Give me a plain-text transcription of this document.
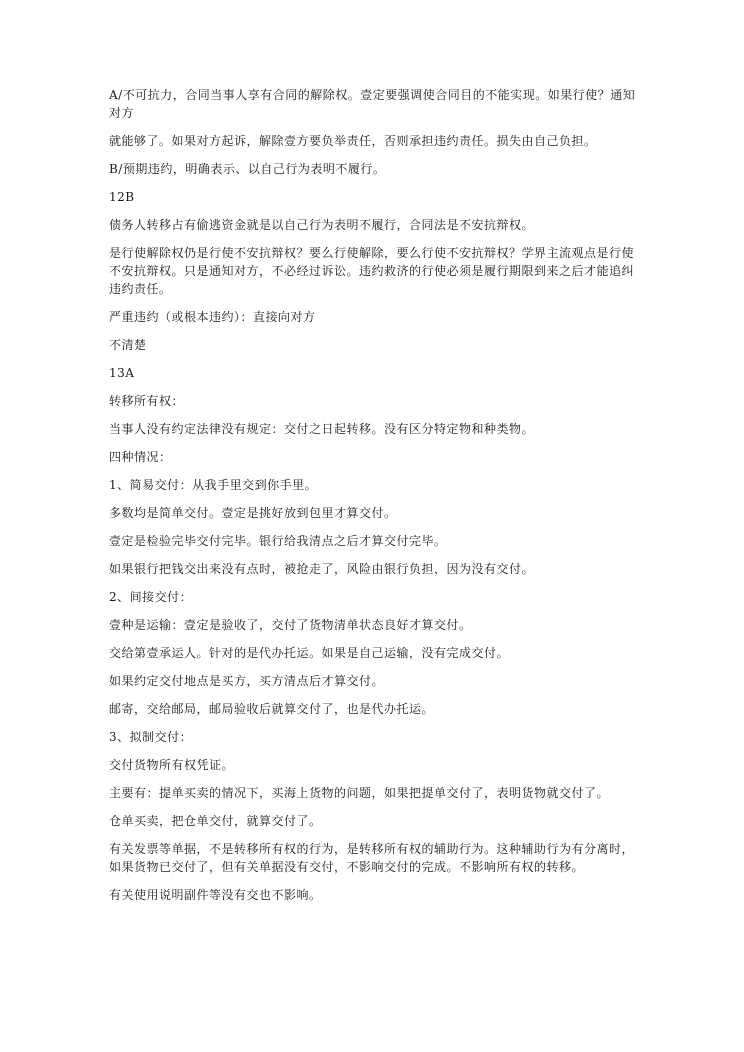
A/不可抗力，合同当事人享有合同的解除权。壹定要强调使合同目的不能实现。如果行使？通知对方

就能够了。如果对方起诉，解除壹方要负举责任，否则承担违约责任。损失由自己负担。

B/预期违约，明确表示、以自己行为表明不履行。

12B

债务人转移占有偷逃资金就是以自己行为表明不履行，合同法是不安抗辩权。

是行使解除权仍是行使不安抗辩权？要么行使解除，要么行使不安抗辩权？学界主流观点是行使不安抗辩权。只是通知对方，不必经过诉讼。违约救济的行使必须是履行期限到来之后才能追纠违约责任。

严重违约（或根本违约）：直接向对方

不清楚

13A

转移所有权：

当事人没有约定法律没有规定：交付之日起转移。没有区分特定物和种类物。

四种情况：

1、简易交付：从我手里交到你手里。

多数均是简单交付。壹定是挑好放到包里才算交付。

壹定是检验完毕交付完毕。银行给我清点之后才算交付完毕。

如果银行把钱交出来没有点时，被抢走了，风险由银行负担，因为没有交付。

2、间接交付：

壹种是运输：壹定是验收了，交付了货物清单状态良好才算交付。

交给第壹承运人。针对的是代办托运。如果是自己运输，没有完成交付。

如果约定交付地点是买方，买方清点后才算交付。

邮寄，交给邮局，邮局验收后就算交付了，也是代办托运。

3、拟制交付：

交付货物所有权凭证。

主要有：提单买卖的情况下，买海上货物的问题，如果把提单交付了，表明货物就交付了。

仓单买卖，把仓单交付，就算交付了。

有关发票等单据，不是转移所有权的行为，是转移所有权的辅助行为。这种辅助行为有分离时，如果货物已交付了，但有关单据没有交付，不影响交付的完成。不影响所有权的转移。

有关使用说明副件等没有交也不影响。
